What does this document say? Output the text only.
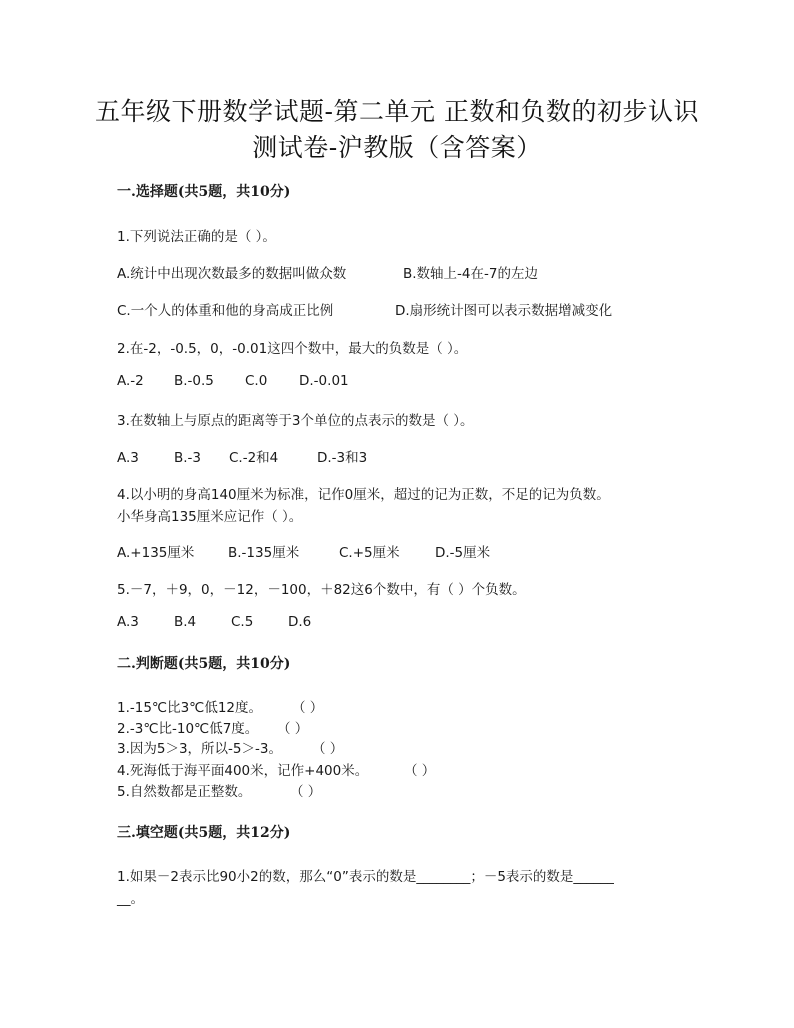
五年级下册数学试题-第二单元 正数和负数的初步认识
测试卷-沪教版（含答案）
一.选择题(共5题，共10分)
1.下列说法正确的是（ ）。
A.统计中出现次数最多的数据叫做众数	B.数轴上-4在-7的左边
C.一个人的体重和他的身高成正比例	D.扇形统计图可以表示数据增减变化
2.在-2，-0.5，0，-0.01这四个数中，最大的负数是（ ）。
A.-2 B.-0.5 C.0 D.-0.01
3.在数轴上与原点的距离等于3个单位的点表示的数是（ ）。
A.3	B.-3 C.-2和4	D.-3和3
4.以小明的身高140厘米为标准，记作0厘米，超过的记为正数，不足的记为负数。
小华身高135厘米应记作（ ）。
A.+135厘米 B.-135厘米	C.+5厘米	D.-5厘米
5.－7，＋9，0，－12，－100，＋82这6个数中，有（ ）个负数。
A.3	B.4	C.5	D.6
二.判断题(共5题，共10分)
1.-15℃比3℃低12度。 （ ）
2.-3℃比-10℃低7度。 （ ）
3.因为5＞3，所以-5＞-3。 （ ）
4.死海低于海平面400米，记作+400米。	（ ）
5.自然数都是正整数。	（ ）
三.填空题(共5题，共12分)
1.如果－2表示比90小2的数，那么“0”表示的数是________；－5表示的数是______
__。
